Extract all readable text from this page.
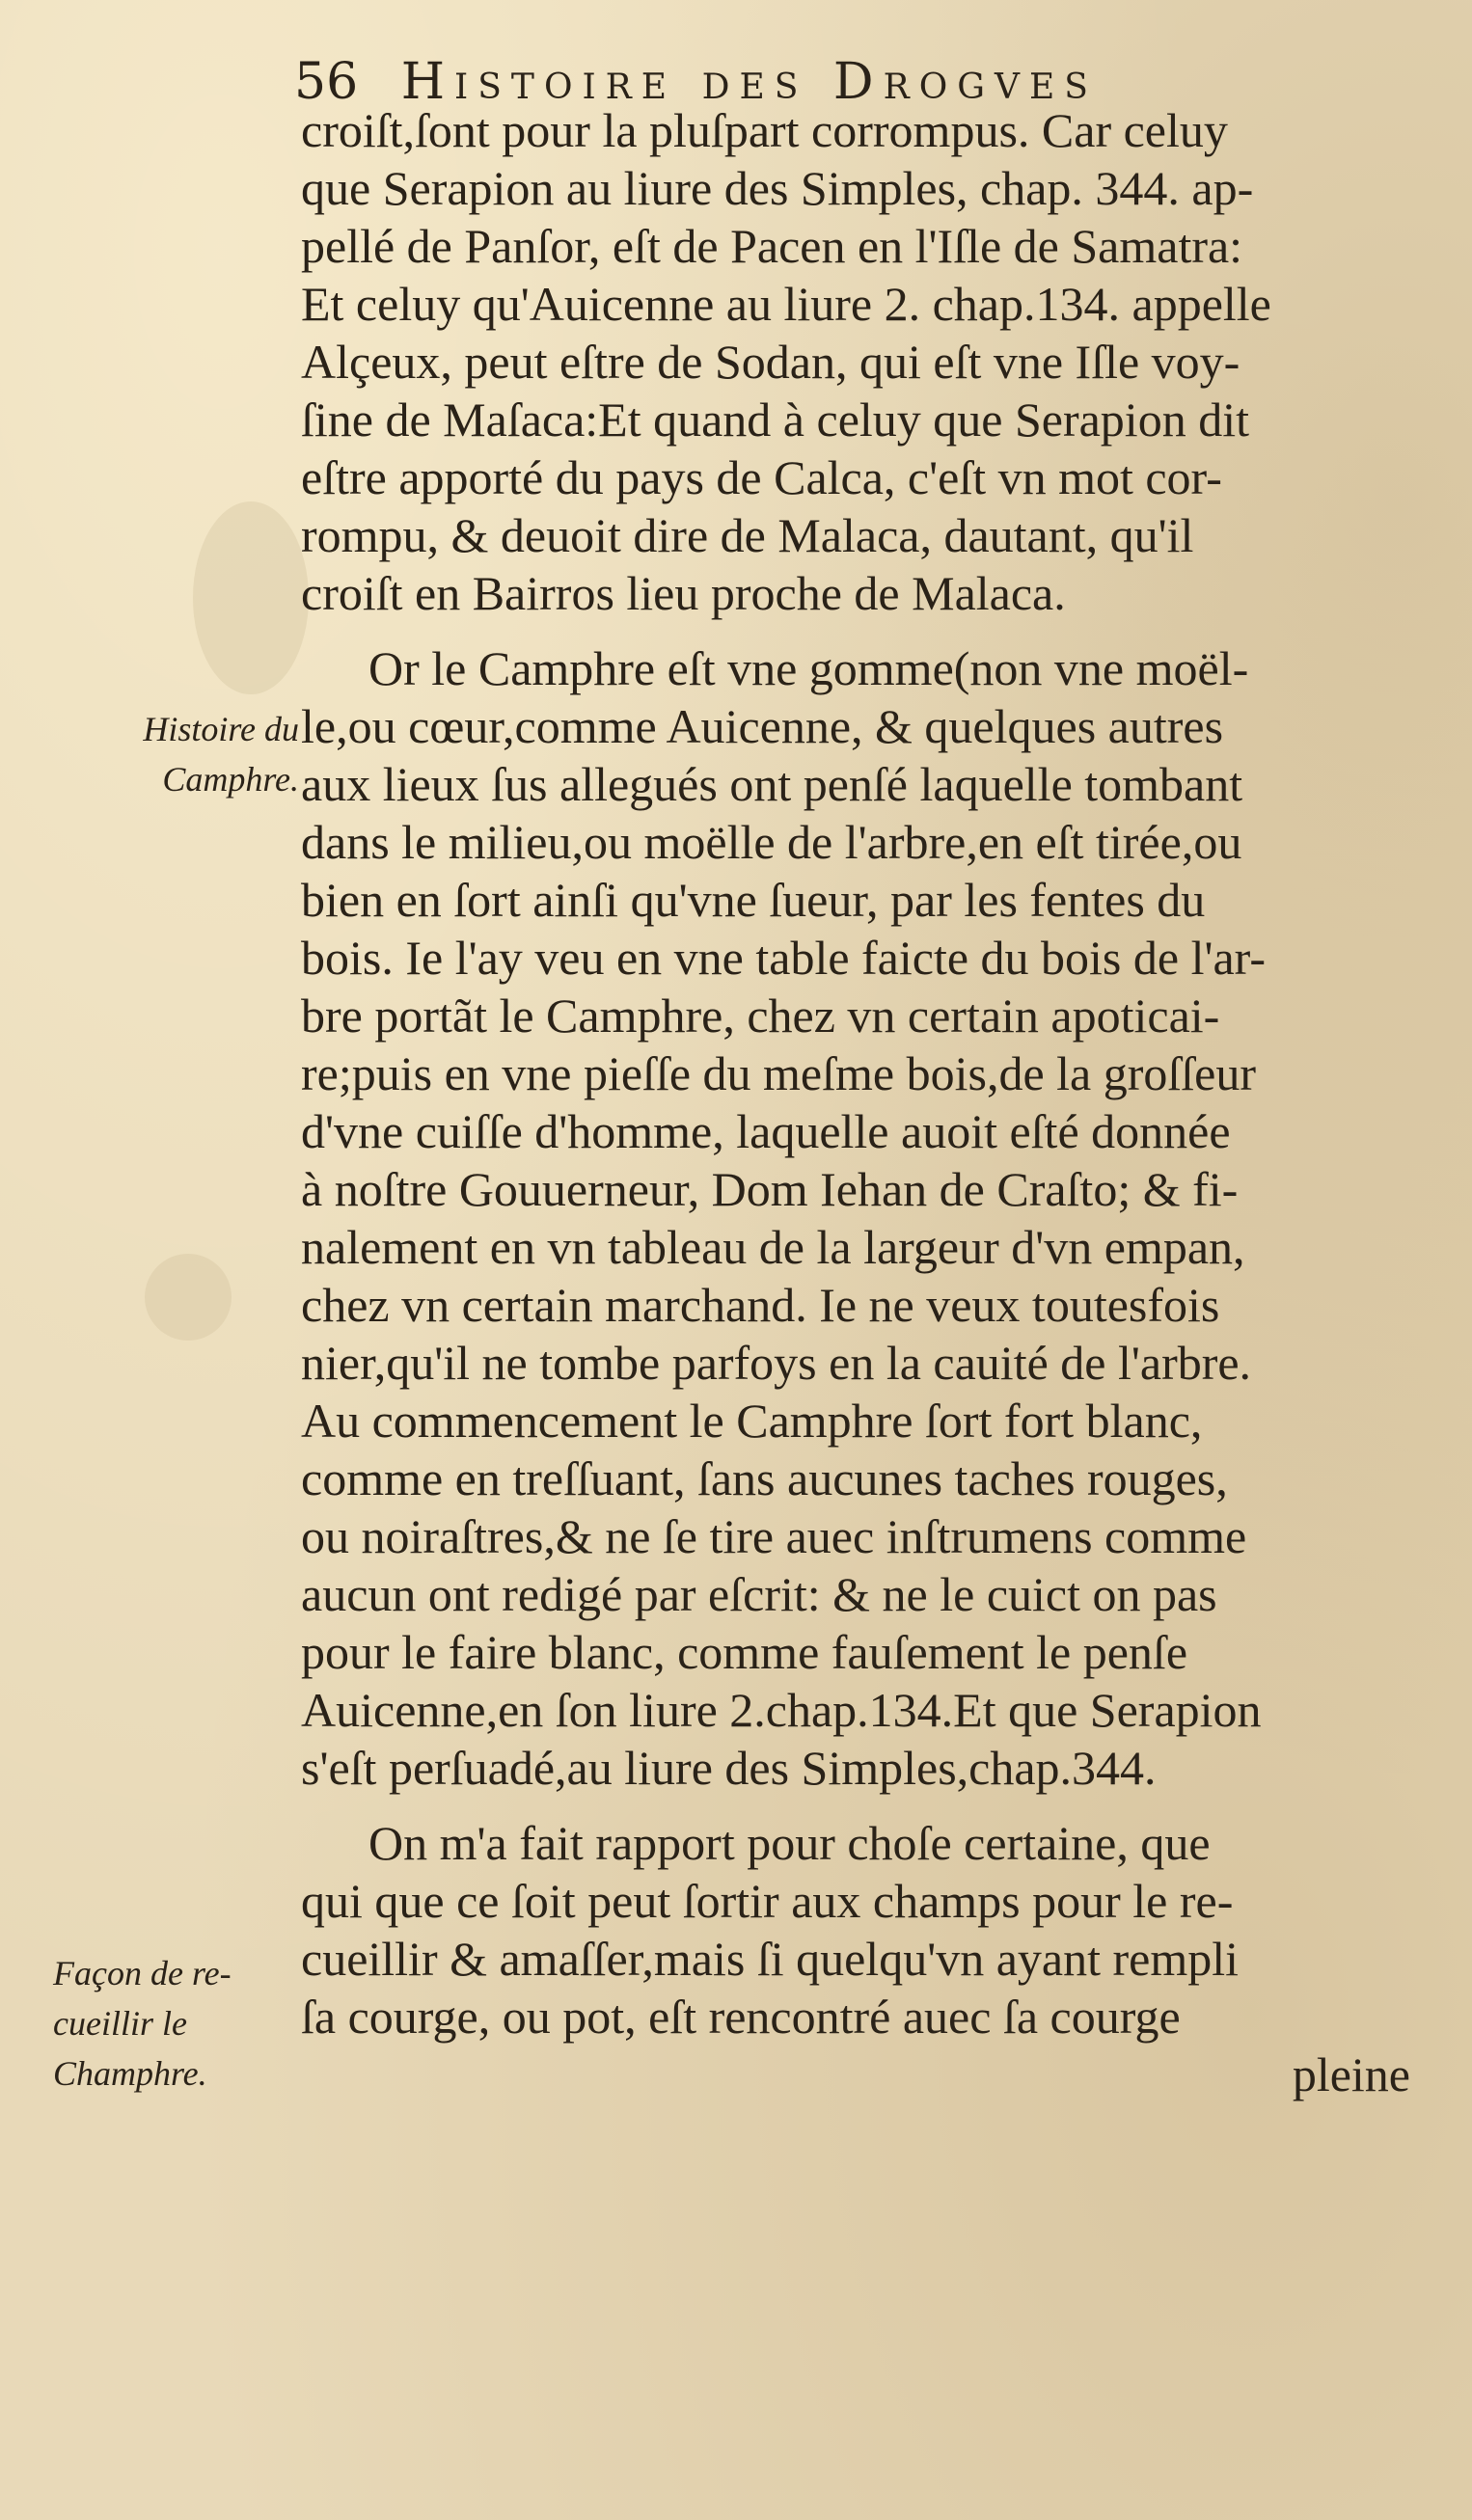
56 Histoire des Drogves
Histoire du
Camphre.
Façon de re-
cueillir le
Champhre.
croiſt,ſont pour la pluſpart corrompus. Car celuy
que Serapion au liure des Simples, chap. 344. ap-
pellé de Panſor, eſt de Pacen en l'Iſle de Samatra:
Et celuy qu'Auicenne au liure 2. chap.134. appelle
Alçeux, peut eſtre de Sodan, qui eſt vne Iſle voy-
ſine de Maſaca:Et quand à celuy que Serapion dit
eſtre apporté du pays de Calca, c'eſt vn mot cor-
rompu, & deuoit dire de Malaca, dautant, qu'il
croiſt en Bairros lieu proche de Malaca.
Or le Camphre eſt vne gomme(non vne moël-
le,ou cœur,comme Auicenne, & quelques autres
aux lieux ſus allegués ont penſé laquelle tombant
dans le milieu,ou moëlle de l'arbre,en eſt tirée,ou
bien en ſort ainſi qu'vne ſueur, par les fentes du
bois. Ie l'ay veu en vne table faicte du bois de l'ar-
bre portãt le Camphre, chez vn certain apoticai-
re;puis en vne pieſſe du meſme bois,de la groſſeur
d'vne cuiſſe d'homme, laquelle auoit eſté donnée
à noſtre Gouuerneur, Dom Iehan de Craſto; & fi-
nalement en vn tableau de la largeur d'vn empan,
chez vn certain marchand. Ie ne veux toutesfois
nier,qu'il ne tombe parfoys en la cauité de l'arbre.
Au commencement le Camphre ſort fort blanc,
comme en treſſuant, ſans aucunes taches rouges,
ou noiraſtres,& ne ſe tire auec inſtrumens comme
aucun ont redigé par eſcrit: & ne le cuict on pas
pour le faire blanc, comme fauſement le penſe
Auicenne,en ſon liure 2.chap.134.Et que Serapion
s'eſt perſuadé,au liure des Simples,chap.344.
On m'a fait rapport pour choſe certaine, que
qui que ce ſoit peut ſortir aux champs pour le re-
cueillir & amaſſer,mais ſi quelqu'vn ayant rempli
ſa courge, ou pot, eſt rencontré auec ſa courge
pleine
